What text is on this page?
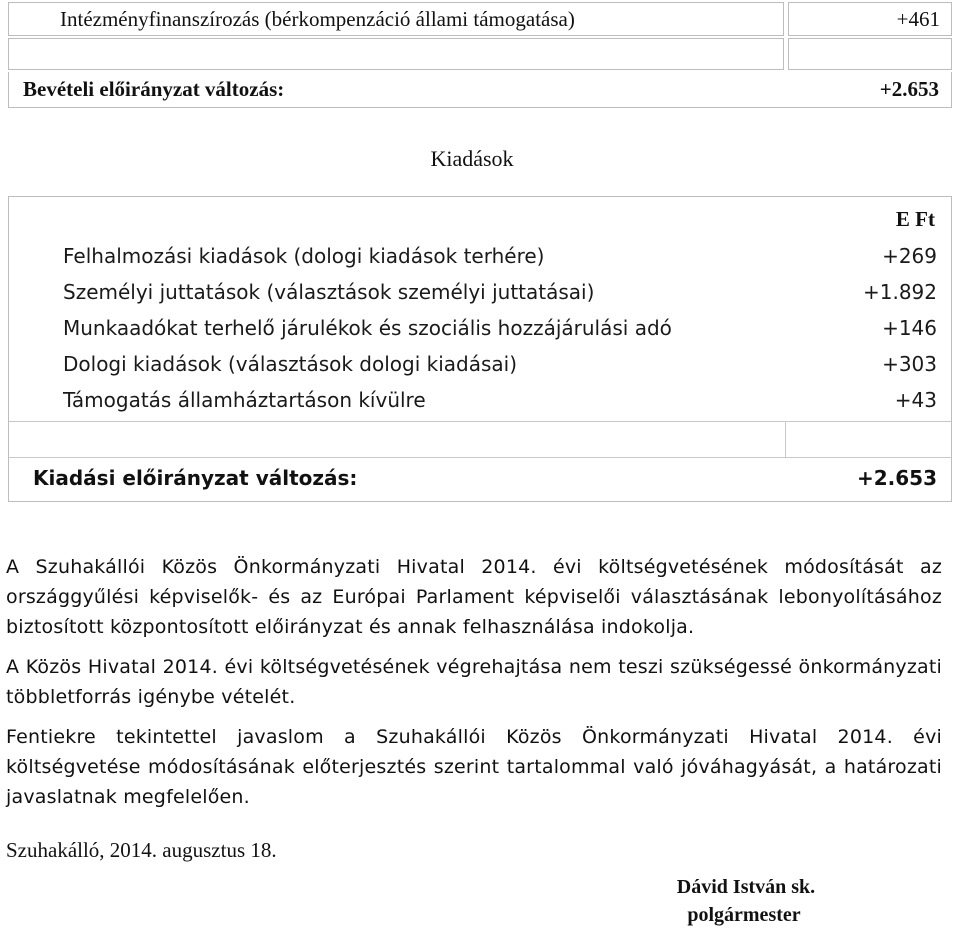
Intézményfinanszírozás (bérkompenzáció állami támogatása)	+461
Bevételi előirányzat változás:	+2.653
Kiadások
E Ft
Felhalmozási kiadások (dologi kiadások terhére)	+269
Személyi juttatások (választások személyi juttatásai)	+1.892
Munkaadókat terhelő járulékok és szociális hozzájárulási adó	+146
Dologi kiadások (választások dologi kiadásai)	+303
Támogatás államháztartáson kívülre	+43
Kiadási előirányzat változás:	+2.653
A Szuhakállói Közös Önkormányzati Hivatal 2014. évi költségvetésének módosítását az
országgyűlési képviselők- és az Európai Parlament képviselői választásának lebonyolításához
biztosított központosított előirányzat és annak felhasználása indokolja.
A Közös Hivatal 2014. évi költségvetésének végrehajtása nem teszi szükségessé önkormányzati
többletforrás igénybe vételét.
Fentiekre tekintettel javaslom a Szuhakállói Közös Önkormányzati Hivatal 2014. évi
költségvetése módosításának előterjesztés szerint tartalommal való jóváhagyását, a határozati
javaslatnak megfelelően.
Szuhakálló, 2014. augusztus 18.
Dávid István sk.
polgármester
